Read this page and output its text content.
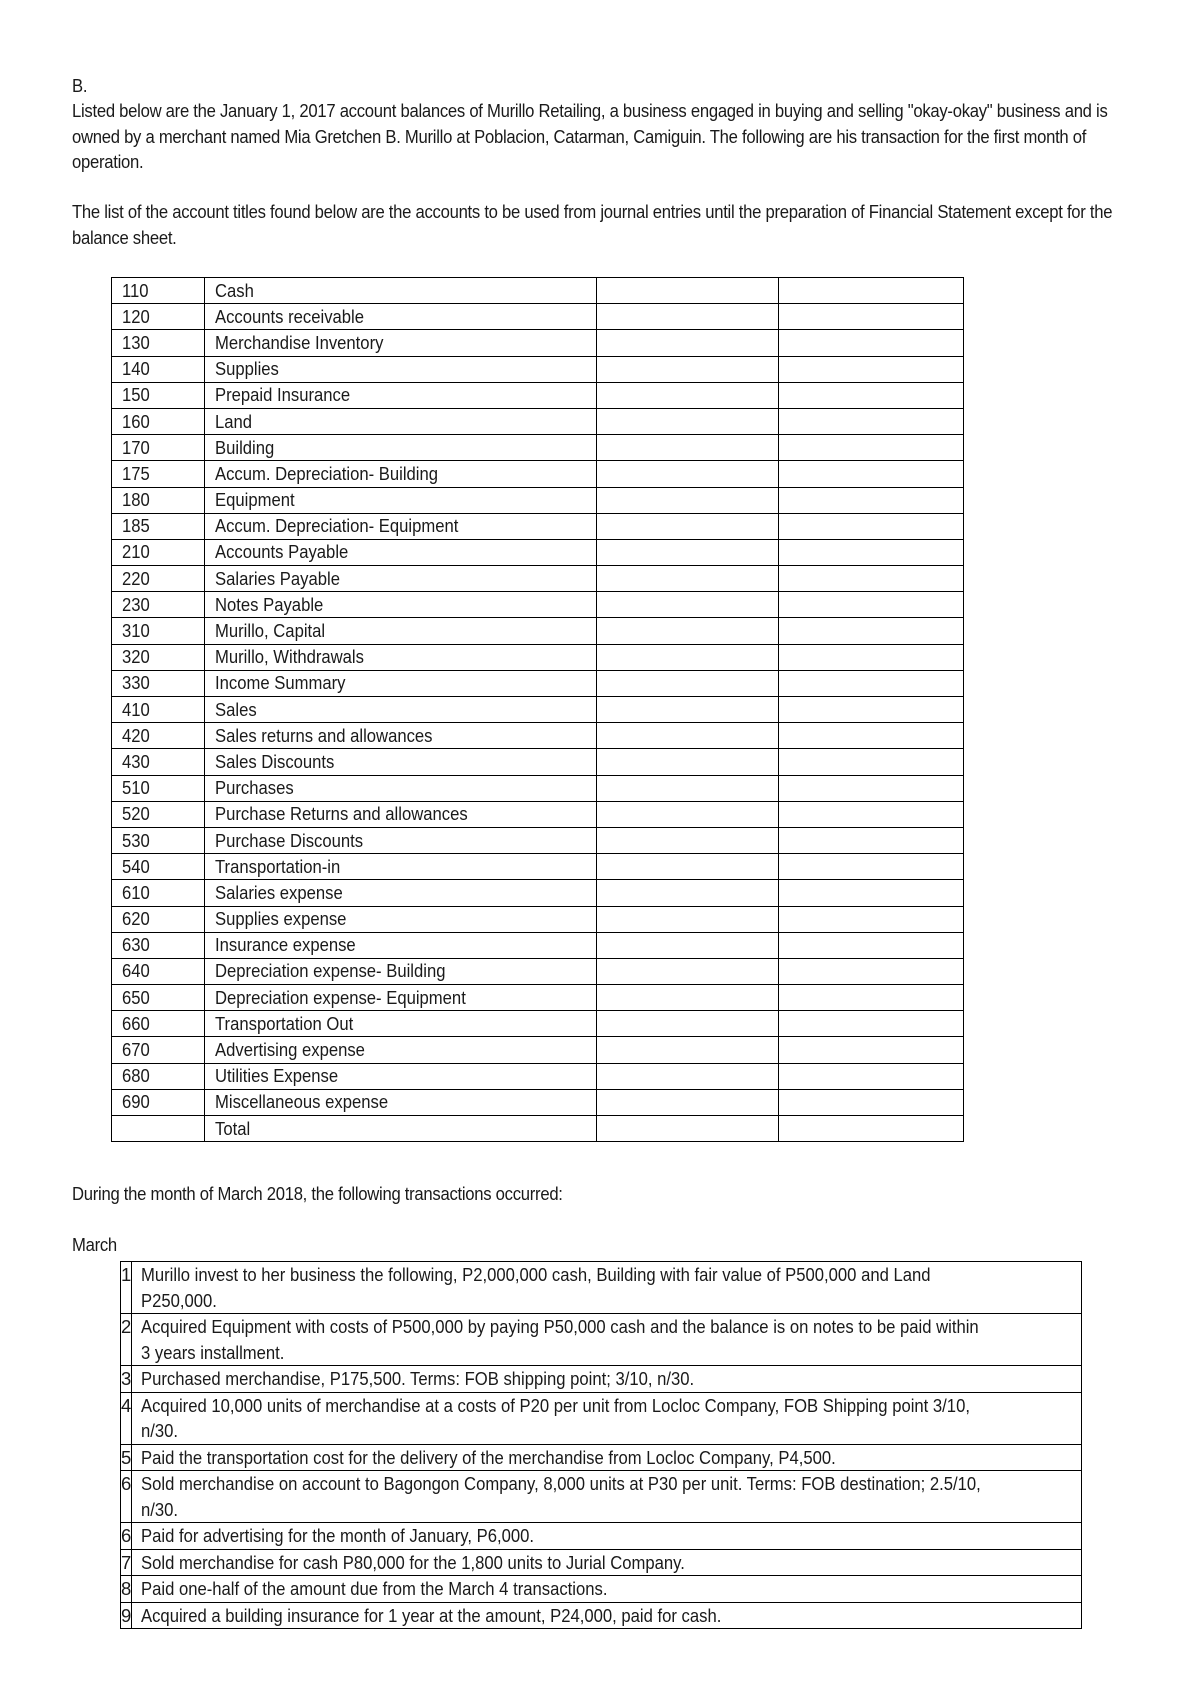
B.
Listed below are the January 1, 2017 account balances of Murillo Retailing, a business engaged in buying and selling "okay-okay" business and is owned by a merchant named Mia Gretchen B. Murillo at Poblacion, Catarman, Camiguin. The following are his transaction for the first month of operation.
The list of the account titles found below are the accounts to be used from journal entries until the preparation of Financial Statement except for the balance sheet.
110	Cash		
120	Accounts receivable		
130	Merchandise Inventory		
140	Supplies		
150	Prepaid Insurance		
160	Land		
170	Building		
175	Accum. Depreciation- Building		
180	Equipment		
185	Accum. Depreciation- Equipment		
210	Accounts Payable		
220	Salaries Payable		
230	Notes Payable		
310	Murillo, Capital		
320	Murillo, Withdrawals		
330	Income Summary		
410	Sales		
420	Sales returns and allowances		
430	Sales Discounts		
510	Purchases		
520	Purchase Returns and allowances		
530	Purchase Discounts		
540	Transportation-in		
610	Salaries expense		
620	Supplies expense		
630	Insurance expense		
640	Depreciation expense- Building		
650	Depreciation expense- Equipment		
660	Transportation Out		
670	Advertising expense		
680	Utilities Expense		
690	Miscellaneous expense		
	Total		
During the month of March 2018, the following transactions occurred:
March
1	Murillo invest to her business the following, P2,000,000 cash, Building with fair value of P500,000 and Land P250,000.

2	Acquired Equipment with costs of P500,000 by paying P50,000 cash and the balance is on notes to be paid within 3 years installment.

3	Purchased merchandise, P175,500. Terms: FOB shipping point; 3/10, n/30.

4	Acquired 10,000 units of merchandise at a costs of P20 per unit from Locloc Company, FOB Shipping point 3/10, n/30.

5	Paid the transportation cost for the delivery of the merchandise from Locloc Company, P4,500.

6	Sold merchandise on account to Bagongon Company, 8,000 units at P30 per unit. Terms: FOB destination; 2.5/10, n/30.

6	Paid for advertising for the month of January, P6,000.

7	Sold merchandise for cash P80,000 for the 1,800 units to Jurial Company.

8	Paid one-half of the amount due from the March 4 transactions.

9	Acquired a building insurance for 1 year at the amount, P24,000, paid for cash.
